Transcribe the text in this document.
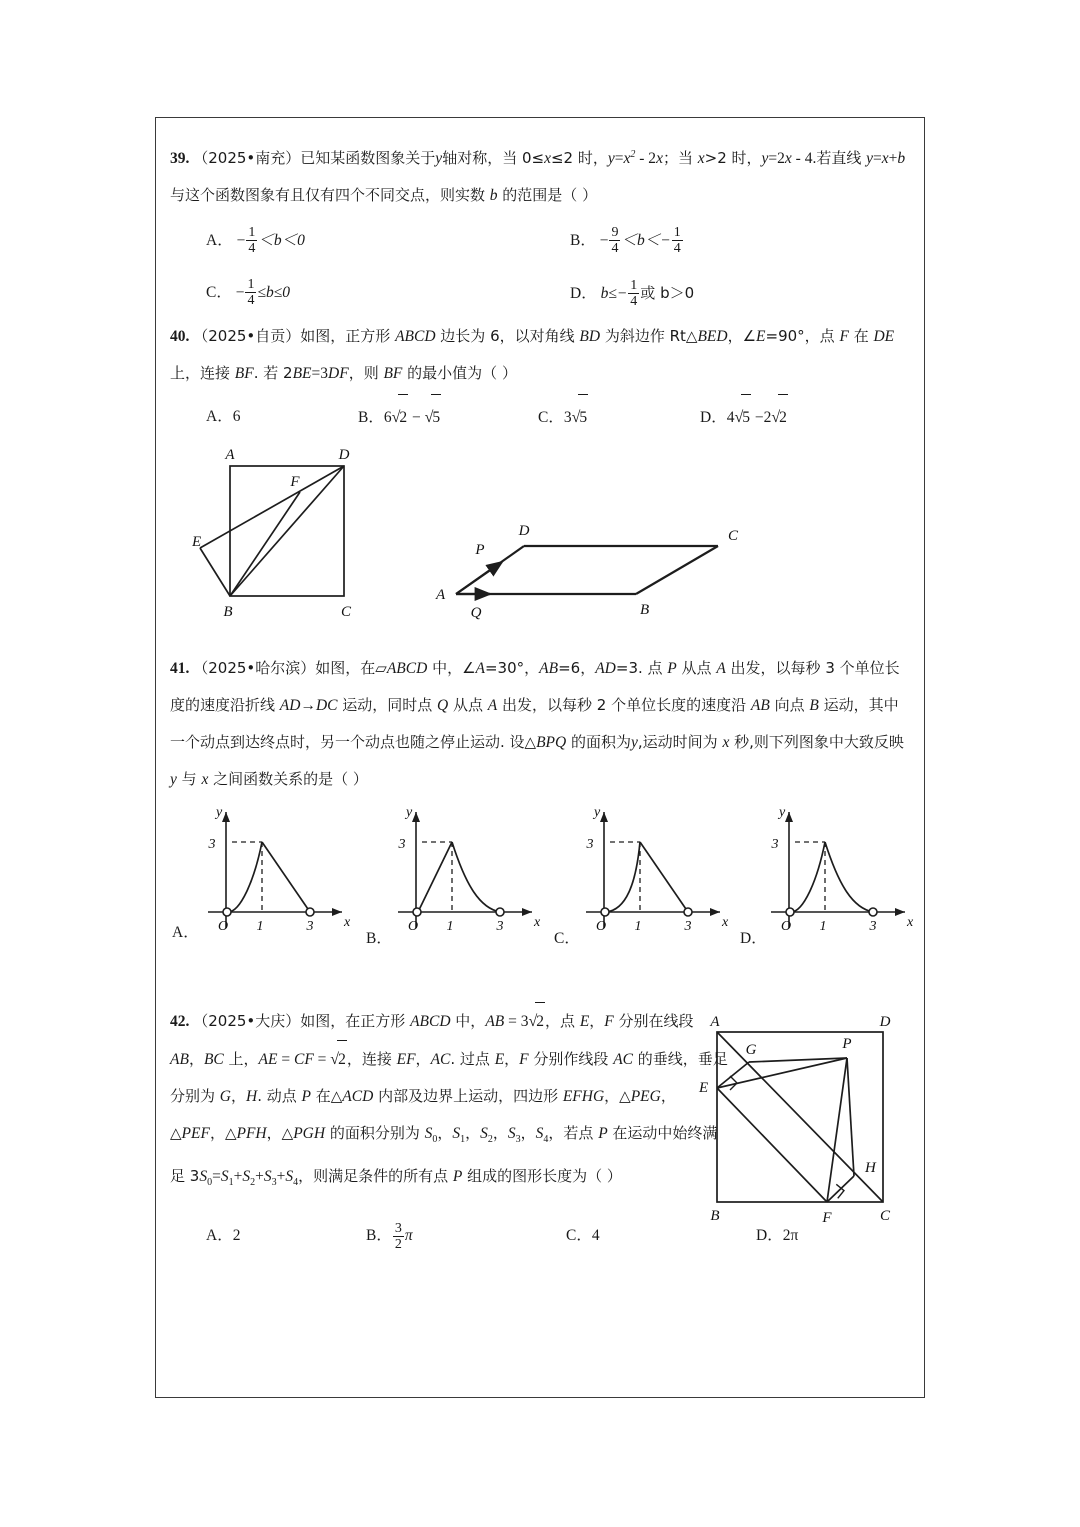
39. （2025•南充）已知某函数图象关于y轴对称，当 0≤x≤2 时，$y=x^2 - 2x$；当 x>2 时，y=2x - 4.若直线 y=x+b 与这个函数图象有且仅有四个不同交点，则实数 b 的范围是（ ）
A． − $\frac{1}{4} <b<0$	B． − $\frac{9}{4} <b<- \frac{1}{4}$
C． − $\frac{1}{4} \le b\le 0$	D． $b\le- \frac{1}{4}$ 或 b＞0
40. （2025•自贡）如图，正方形 ABCD 边长为 6，以对角线 BD 为斜边作 Rt△BED，∠E=90°，点 F 在 DE 上，连接 BF. 若 2BE=3DF，则 BF 的最小值为（ ）
A．6	B．6√2 − √5	C．3√5	D．4√5 −2√2
A	D
F
E
B	C
D	C
P
A
Q	B
41. （2025•哈尔滨）如图，在▱ABCD 中，∠A=30°，AB=6，AD=3. 点 P 从点 A 出发，以每秒 3 个单位长度的速度沿折线 AD→DC 运动，同时点 Q 从点 A 出发，以每秒 2 个单位长度的速度沿 AB 向点 B 运动，其中一个动点到达终点时，另一个动点也随之停止运动. 设△BPQ 的面积为y,运动时间为 x 秒,则下列图象中大致反映 y 与 x 之间函数关系的是（ ）
y
x
3
O 1	3
A．
y
x
3
O 1	3
B．
y
x
3
O 1	3
C．
y
x
3
O 1	3
D．
42. （2025•大庆）如图，在正方形 ABCD 中，AB = 3√2，点 E，F 分别在线段 AB，BC 上，AE = CF = √2，连接 EF，AC. 过点 E，F 分别作线段 AC 的垂线，垂足分别为 G，H. 动点 P 在△ACD 内部及边界上运动，四边形 EFHG，△PEG，△PEF，△PFH，△PGH 的面积分别为 $S_0$，$S_1$，$S_2$，$S_3$，$S_4$，若点 P 在运动中始终满足 $3S_0=S_1+S_2+S_3+S_4$，则满足条件的所有点 P 组成的图形长度为（ ）
A	D
G	P
E
H
B	F	C
A．2	B． $\frac{3}{2}$ π	C．4	D．2π
